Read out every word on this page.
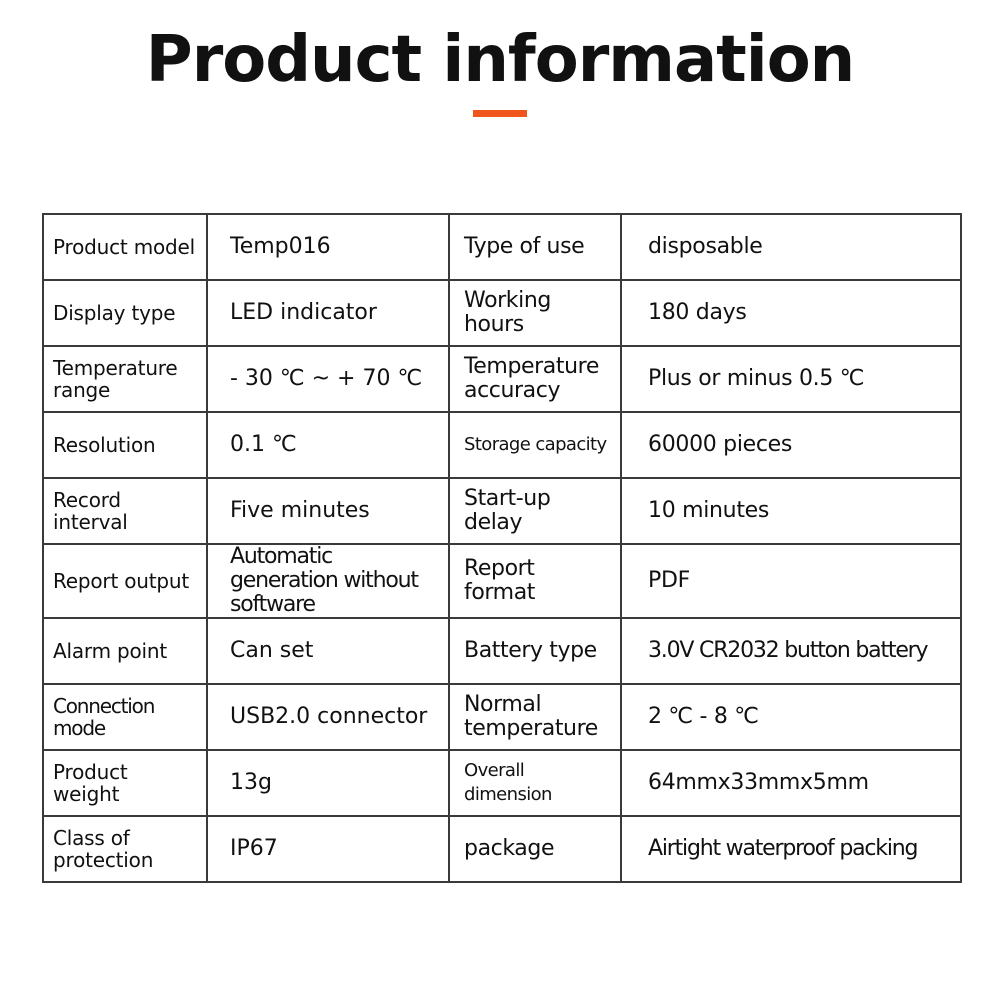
Product information
Product model	Temp016	Type of use	disposable
Display type	LED indicator	Working hours	180 days
Temperature range	- 30 ℃ ~ + 70 ℃	Temperature accuracy	Plus or minus 0.5 ℃
Resolution	0.1 ℃	Storage capacity	60000 pieces
Record interval	Five minutes	Start-up delay	10 minutes
Report output	Automatic generation without software	Report format	PDF
Alarm point	Can set	Battery type	3.0V CR2032 button battery
Connection mode	USB2.0 connector	Normal temperature	2 ℃ - 8 ℃
Product weight	13g	Overall dimension	64mmx33mmx5mm
Class of protection	IP67	package	Airtight waterproof packing
